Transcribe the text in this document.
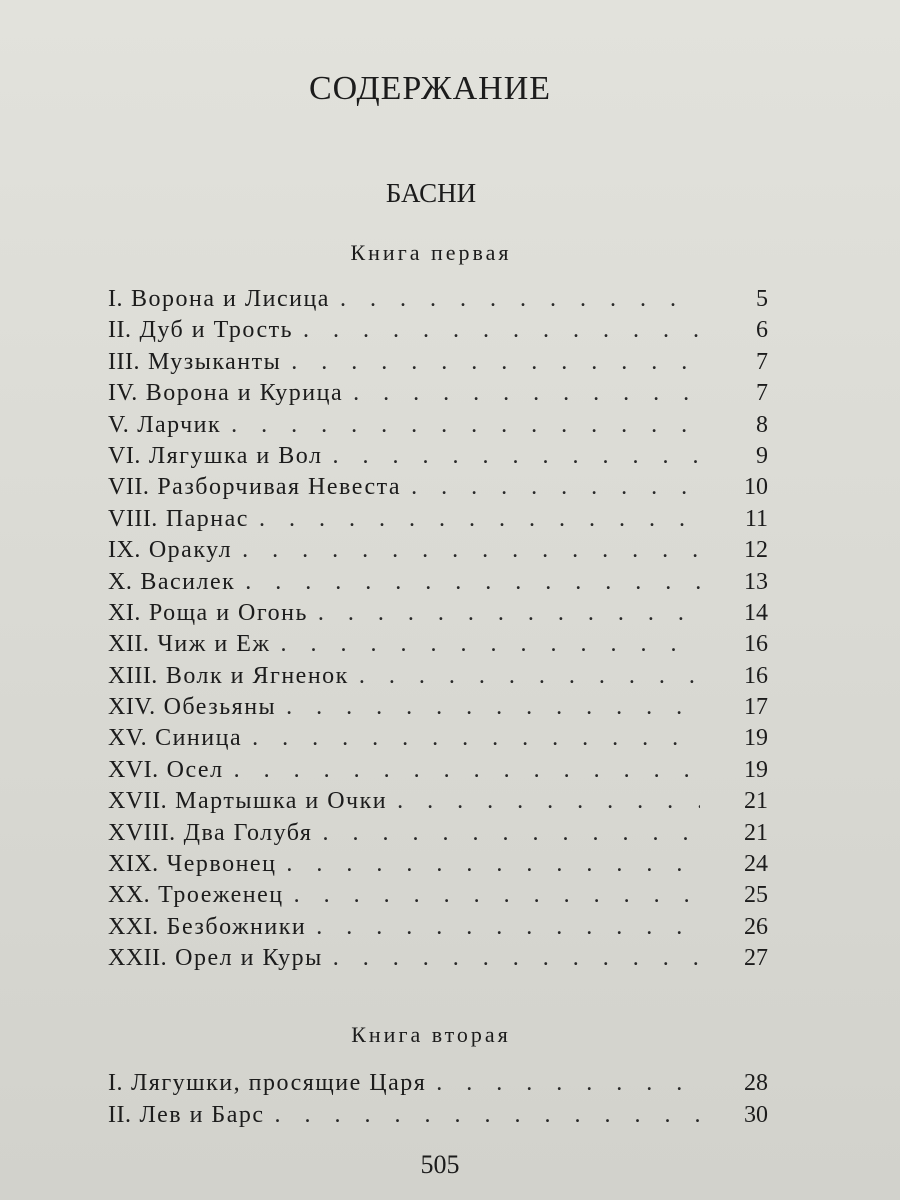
СОДЕРЖАНИЕ
БАСНИ
Книга первая
I. Ворона и Лисица . . .	5
II. Дуб и Трость . . .	6
III. Музыканты . . .	7
IV. Ворона и Курица . . .	7
V. Ларчик . . .	8
VI. Лягушка и Вол . . .	9
VII. Разборчивая Невеста . . .	10
VIII. Парнас . . .	11
IX. Оракул . . .	12
X. Василек . . .	13
XI. Роща и Огонь . . .	14
XII. Чиж и Еж . . .	16
XIII. Волк и Ягненок . . .	16
XIV. Обезьяны . . .	17
XV. Синица . . .	19
XVI. Осел . . .	19
XVII. Мартышка и Очки . . .	21
XVIII. Два Голубя . . .	21
XIX. Червонец . . .	24
XX. Троеженец . . .	25
XXI. Безбожники . . .	26
XXII. Орел и Куры . . .	27
Книга вторая
I. Лягушки, просящие Царя . . .	28
II. Лев и Барс . . .	30
505
